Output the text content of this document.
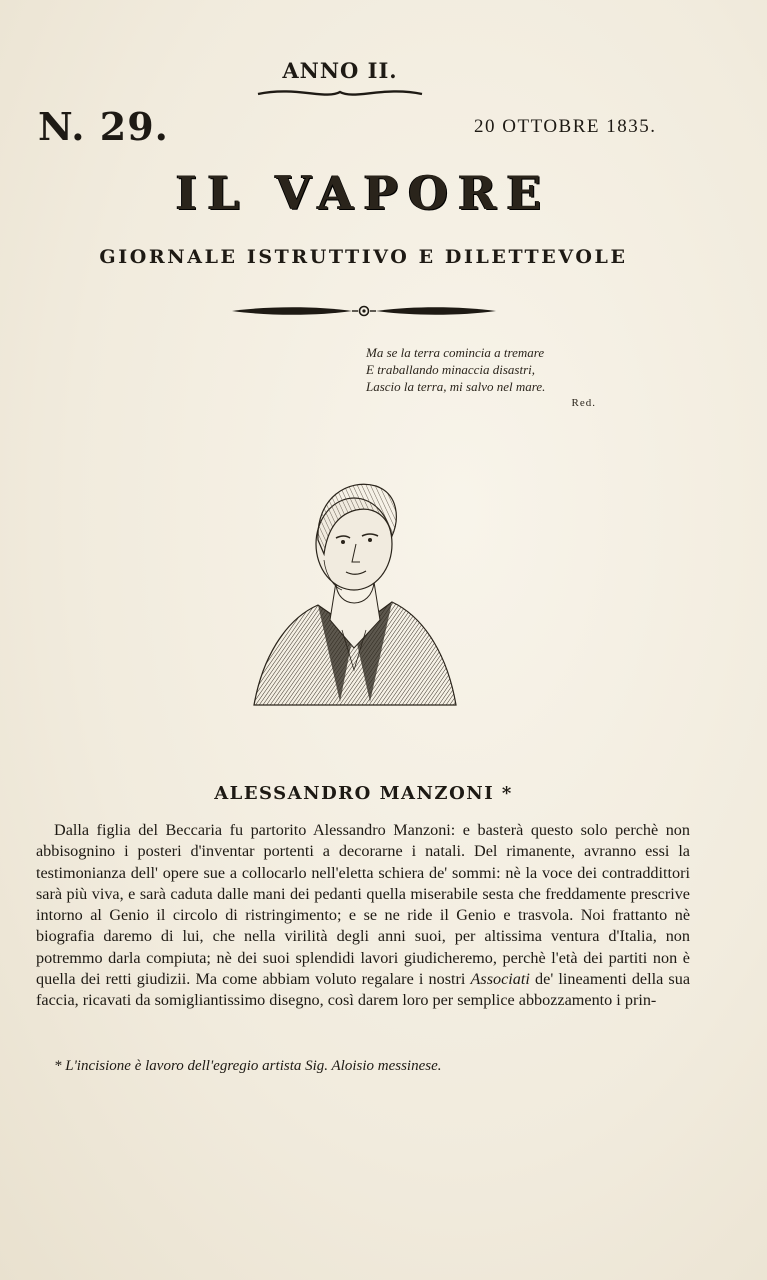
ANNO II.
N. 29.	20 OTTOBRE 1835.
IL VAPORE
GIORNALE ISTRUTTIVO E DILETTEVOLE
Ma se la terra comincia a tremare
E traballando minaccia disastri,
Lascio la terra, mi salvo nel mare.
Red.
ALESSANDRO MANZONI *
Dalla figlia del Beccaria fu partorito Alessandro Manzoni: e basterà questo solo perchè non abbisognino i posteri d'inventar portenti a decorarne i natali. Del rimanente, avranno essi la testimonianza dell' opere sue a collocarlo nell'eletta schiera de' sommi: nè la voce dei contraddittori sarà più viva, e sarà caduta dalle mani dei pedanti quella miserabile sesta che freddamente prescrive intorno al Genio il circolo di ristringimento; e se ne ride il Genio e trasvola. Noi frattanto nè biografia daremo di lui, che nella virilità degli anni suoi, per altissima ventura d'Italia, non potremmo darla compiuta; nè dei suoi splendidi lavori giudicheremo, perchè l'età dei partiti non è quella dei retti giudizii. Ma come abbiam voluto regalare i nostri Associati de' lineamenti della sua faccia, ricavati da somigliantissimo disegno, così darem loro per semplice abbozzamento i prin-
* L'incisione è lavoro dell'egregio artista Sig. Aloisio messinese.
